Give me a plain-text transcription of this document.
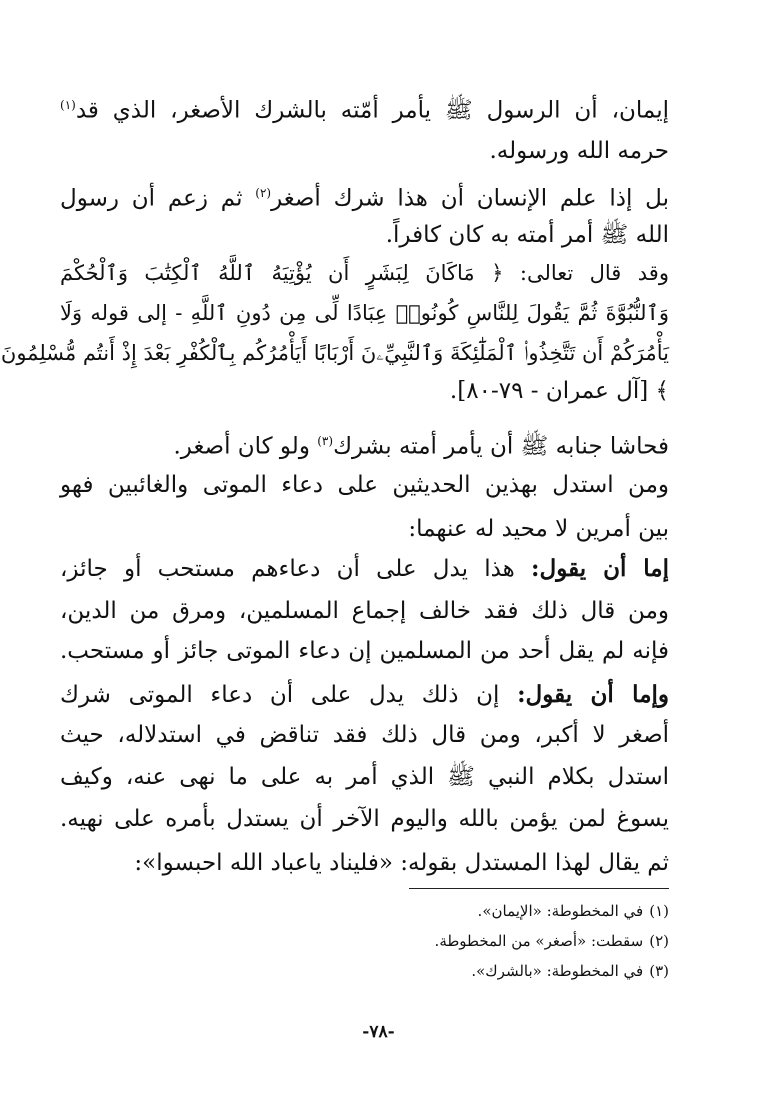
إيمان، أن الرسول ﷺ يأمر أمّته بالشرك الأصغر، الذي قد$^{(١)}$
حرمه الله ورسوله.
بل إذا علم الإنسان أن هذا شرك أصغر$^{(٢)}$ ثم زعم أن رسول
الله ﷺ أمر أمته به كان كافراً.
وقد قال تعالى: ﴿ مَاكَانَ لِبَشَرٍ أَن يُؤْتِيَهُ ٱللَّهُ ٱلْكِتَٰبَ وَٱلْحُكْمَ
وَٱلنُّبُوَّةَ ثُمَّ يَقُولَ لِلنَّاسِ كُونُوا۟ عِبَادًا لِّى مِن دُونِ ٱللَّهِ - إلى قوله وَلَا
يَأْمُرَكُمْ أَن تَتَّخِذُوا۟ ٱلْمَلَٰٓئِكَةَ وَٱلنَّبِيِّۦنَ أَرْبَابًا أَيَأْمُرُكُم بِٱلْكُفْرِ بَعْدَ إِذْ أَنتُم مُّسْلِمُونَ
﴾ [آل عمران - ٧٩-٨٠].
فحاشا جنابه ﷺ أن يأمر أمته بشرك$^{(٣)}$ ولو كان أصغر.
ومن استدل بهذين الحديثين على دعاء الموتى والغائبين فهو
بين أمرين لا محيد له عنهما:
إما أن يقول: هذا يدل على أن دعاءهم مستحب أو جائز،
ومن قال ذلك فقد خالف إجماع المسلمين، ومرق من الدين،
فإنه لم يقل أحد من المسلمين إن دعاء الموتى جائز أو مستحب.
وإما أن يقول: إن ذلك يدل على أن دعاء الموتى شرك
أصغر لا أكبر، ومن قال ذلك فقد تناقض في استدلاله، حيث
استدل بكلام النبي ﷺ الذي أمر به على ما نهى عنه، وكيف
يسوغ لمن يؤمن بالله واليوم الآخر أن يستدل بأمره على نهيه.
ثم يقال لهذا المستدل بقوله: «فليناد ياعباد الله احبسوا»:
(١)في المخطوطة: «الإيمان».
(٢)سقطت: «أصغر» من المخطوطة.
(٣)في المخطوطة: «بالشرك».
-٧٨-
